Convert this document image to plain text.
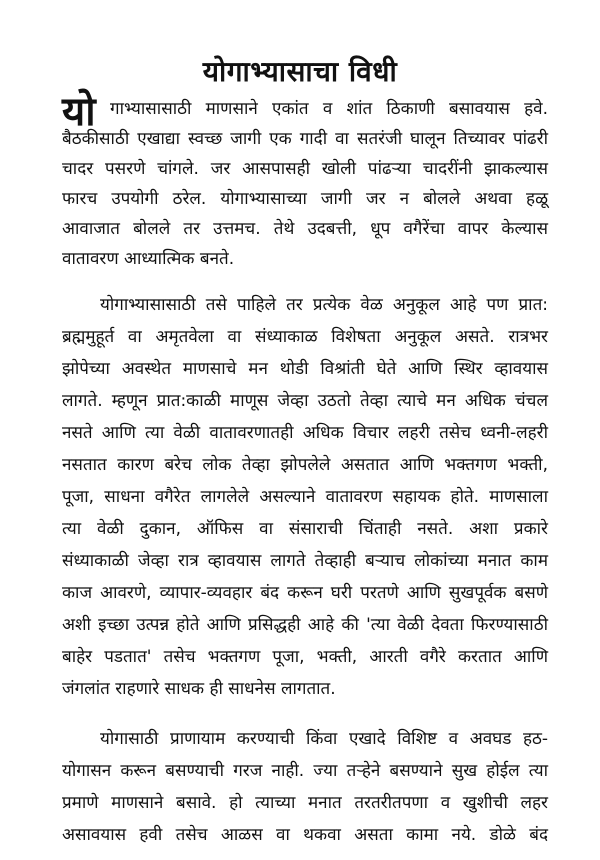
योगाभ्यासाचा विधी
यो गाभ्यासासाठी माणसाने एकांत व शांत ठिकाणी बसावयास हवे.

बैठकीसाठी एखाद्या स्वच्छ जागी एक गादी वा सतरंजी घालून तिच्यावर पांढरी

चादर पसरणे चांगले. जर आसपासही खोली पांढऱ्या चादरींनी झाकल्यास

फारच उपयोगी ठरेल. योगाभ्यासाच्या जागी जर न बोलले अथवा हळू

आवाजात बोलले तर उत्तमच. तेथे उदबत्ती, धूप वगैरेंचा वापर केल्यास

वातावरण आध्यात्मिक बनते.

योगाभ्यासासाठी तसे पाहिले तर प्रत्येक वेळ अनुकूल आहे पण प्रात:

ब्रह्ममुहूर्त वा अमृतवेला वा संध्याकाळ विशेषता अनुकूल असते. रात्रभर

झोपेच्या अवस्थेत माणसाचे मन थोडी विश्रांती घेते आणि स्थिर व्हावयास

लागते. म्हणून प्रात:काळी माणूस जेव्हा उठतो तेव्हा त्याचे मन अधिक चंचल

नसते आणि त्या वेळी वातावरणातही अधिक विचार लहरी तसेच ध्वनी-लहरी

नसतात कारण बरेच लोक तेव्हा झोपलेले असतात आणि भक्तगण भक्ती,

पूजा, साधना वगैरेत लागलेले असल्याने वातावरण सहायक होते. माणसाला

त्या वेळी दुकान, ऑफिस वा संसाराची चिंताही नसते. अशा प्रकारे

संध्याकाळी जेव्हा रात्र व्हावयास लागते तेव्हाही बऱ्याच लोकांच्या मनात काम

काज आवरणे, व्यापार-व्यवहार बंद करून घरी परतणे आणि सुखपूर्वक बसणे

अशी इच्छा उत्पन्न होते आणि प्रसिद्धही आहे की 'त्या वेळी देवता फिरण्यासाठी

बाहेर पडतात' तसेच भक्तगण पूजा, भक्ती, आरती वगैरे करतात आणि

जंगलांत राहणारे साधक ही साधनेस लागतात.

योगासाठी प्राणायाम करण्याची किंवा एखादे विशिष्ट व अवघड हठ-

योगासन करून बसण्याची गरज नाही. ज्या तऱ्हेने बसण्याने सुख होईल त्या

प्रमाणे माणसाने बसावे. हो त्याच्या मनात तरतरीतपणा व खुशीची लहर

असावयास हवी तसेच आळस वा थकवा असता कामा नये. डोळे बंद
